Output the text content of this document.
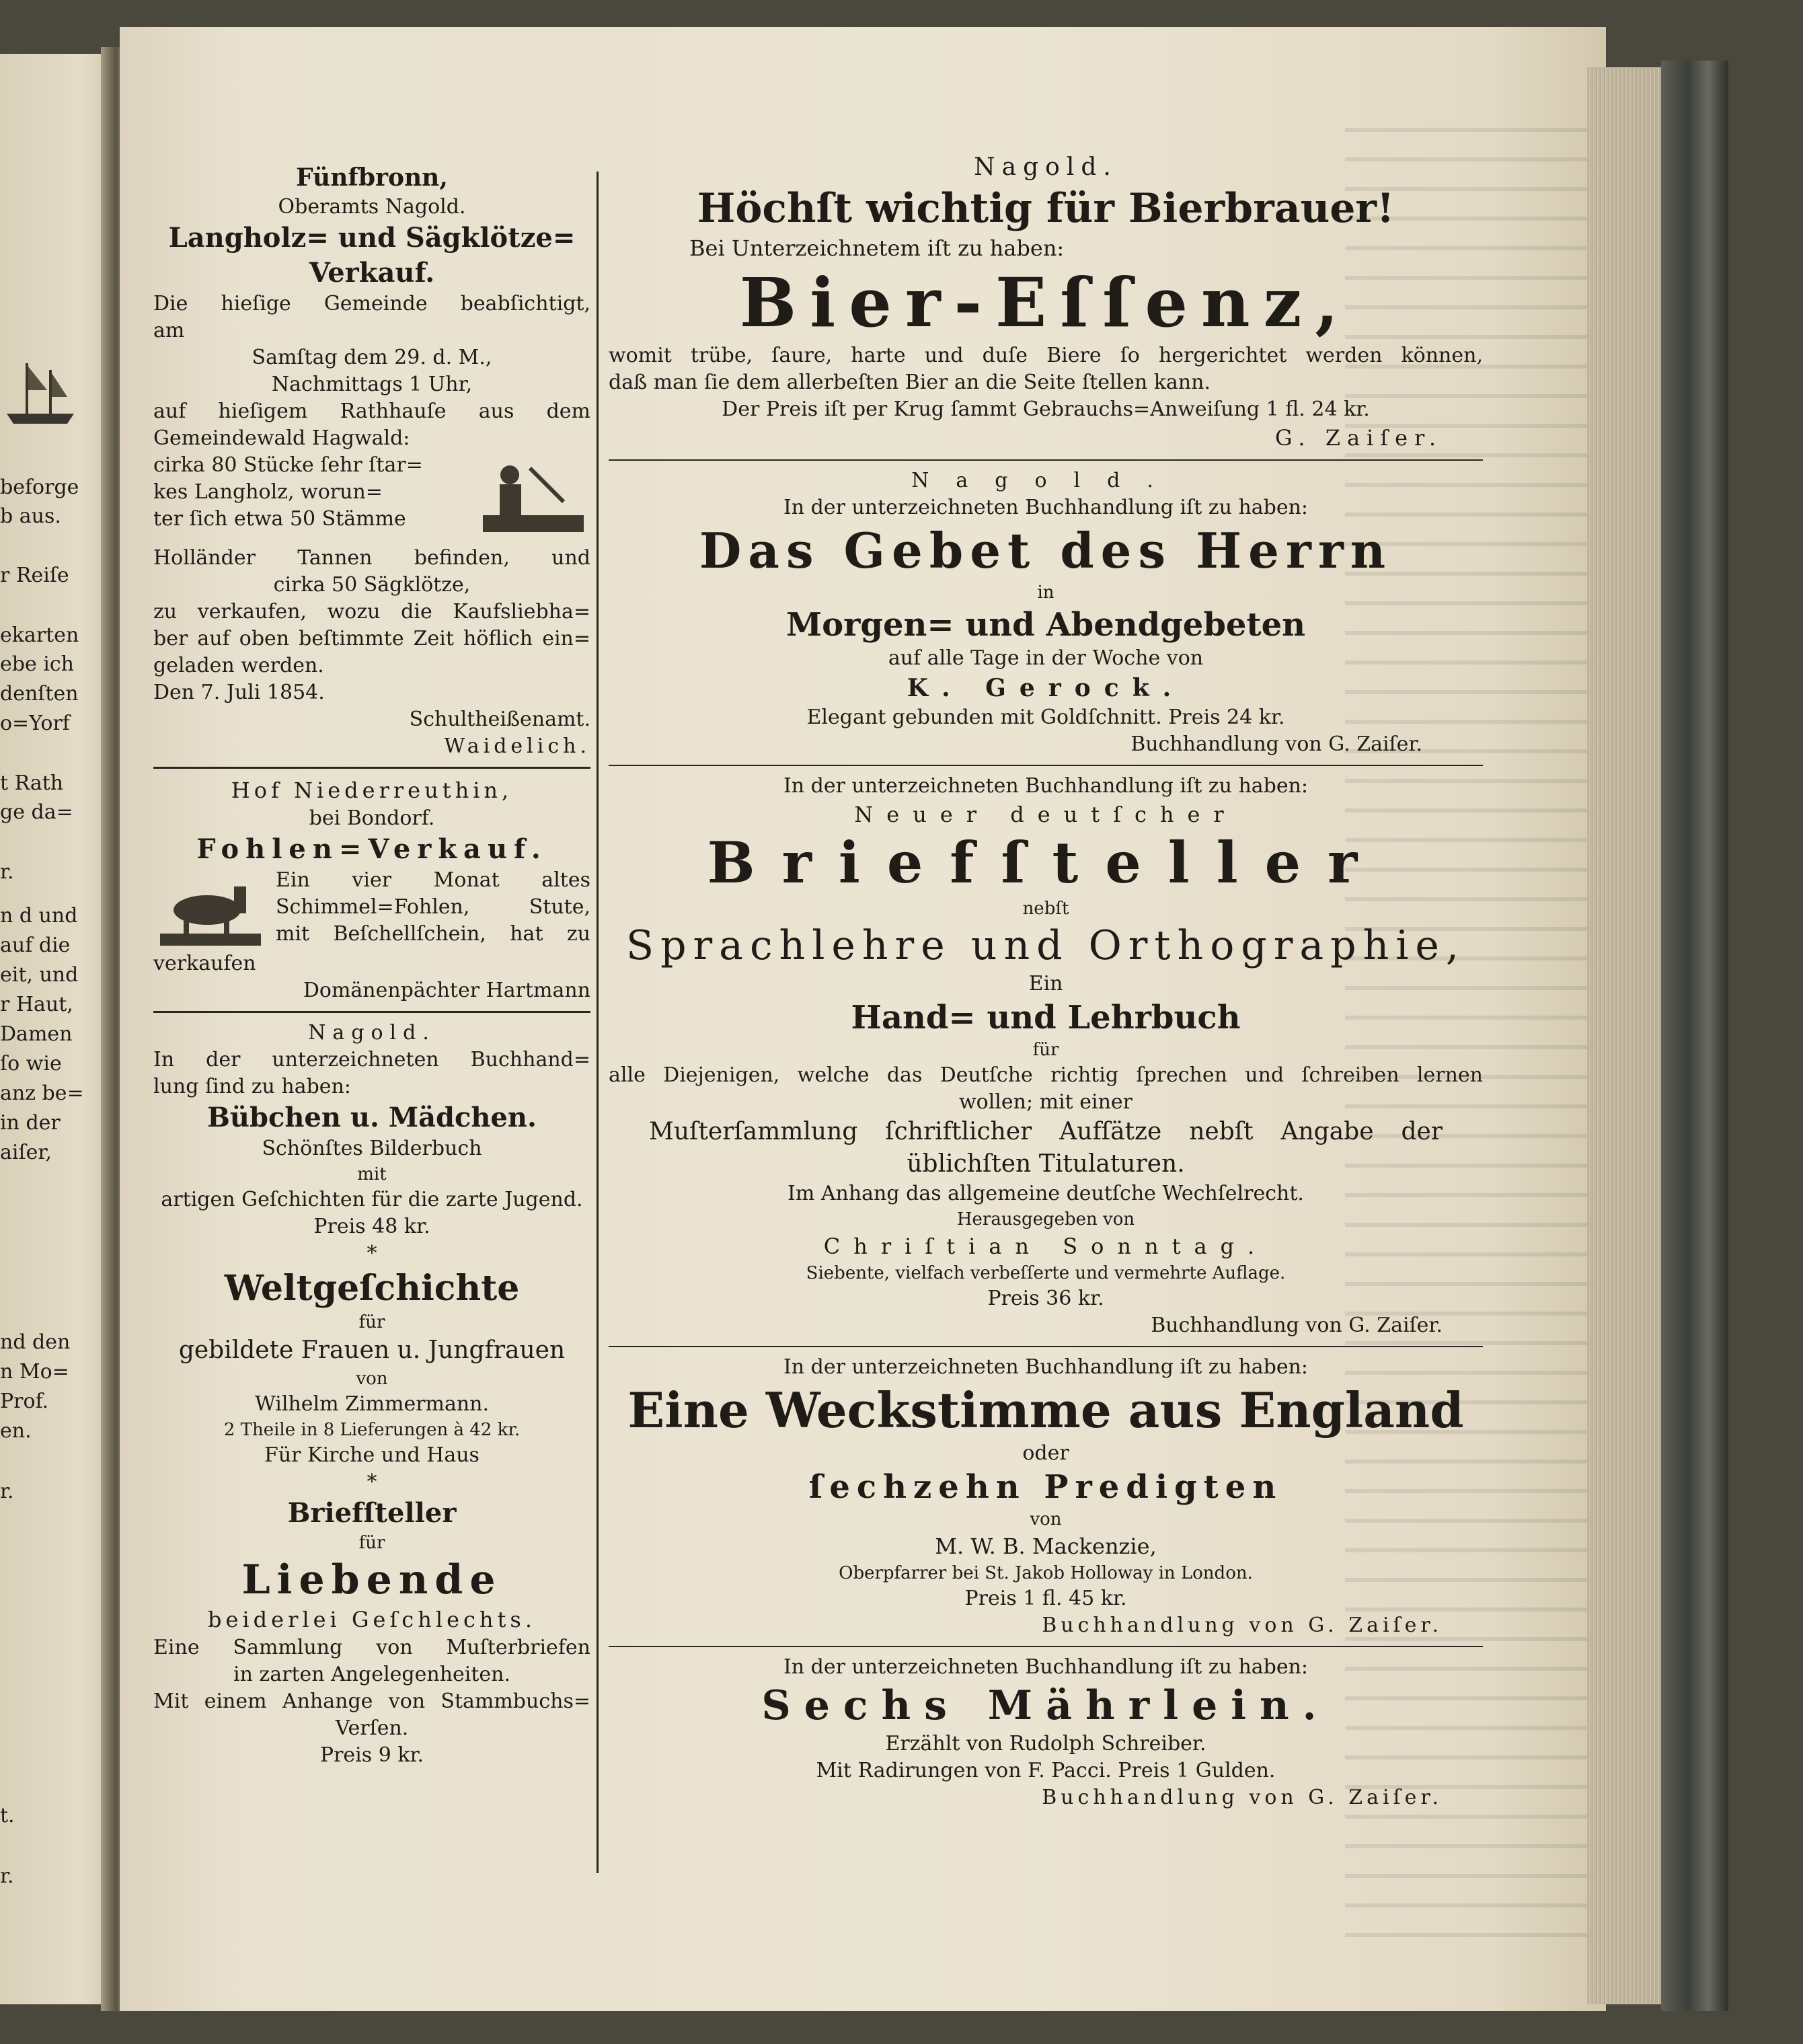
beforge
b aus.
r Reiſe
ekarten
ebe ich
denſten
o=Yorf
t Rath
ge da=
r.
n d und
auf die
eit, und
r Haut,
Damen
ſo wie
anz be=
in der
aiſer,
nd den
n Mo=
Prof.
en.
r.
t.
r.

Fünfbronn,

Oberamts Nagold.

Langholz= und Sägklötze=

Verkauf.

Die hieſige Gemeinde beabſichtigt,

am

Samſtag dem 29. d. M.,

Nachmittags 1 Uhr,

auf hieſigem Rathhauſe aus dem

Gemeindewald Hagwald:

cirka 80 Stücke ſehr ſtar=

kes Langholz, worun=

ter ſich etwa 50 Stämme

Holländer Tannen befinden, und

cirka 50 Sägklötze,

zu verkaufen, wozu die Kaufsliebha=

ber auf oben beſtimmte Zeit höflich ein=

geladen werden.

Den 7. Juli 1854.

Schultheißenamt.

Waidelich.

Hof Niederreuthin,

bei Bondorf.

Fohlen=Verkauf.

Ein vier Monat altes

Schimmel=Fohlen, Stute,

mit Beſchellſchein, hat zu

verkaufen

Domänenpächter Hartmann

Nagold.

In der unterzeichneten Buchhand=

lung ſind zu haben:

Bübchen u. Mädchen.

Schönſtes Bilderbuch

mit

artigen Geſchichten für die zarte Jugend.

Preis 48 kr.

*

Weltgeſchichte

für

gebildete Frauen u. Jungfrauen

von

Wilhelm Zimmermann.

2 Theile in 8 Lieferungen à 42 kr.

Für Kirche und Haus

*

Briefſteller

für

Liebende

beiderlei Geſchlechts.

Eine Sammlung von Muſterbriefen

in zarten Angelegenheiten.

Mit einem Anhange von Stammbuchs=

Verſen.

Preis 9 kr.

Nagold.

Höchſt wichtig für Bierbrauer!

Bei Unterzeichnetem iſt zu haben:

Bier-Eſſenz,

womit trübe, ſaure, harte und duſe Biere ſo hergerichtet werden können,

daß man ſie dem allerbeſten Bier an die Seite ſtellen kann.

Der Preis iſt per Krug ſammt Gebrauchs=Anweiſung 1 fl. 24 kr.

G. Zaiſer.

Nagold.

In der unterzeichneten Buchhandlung iſt zu haben:

Das Gebet des Herrn

in

Morgen= und Abendgebeten

auf alle Tage in der Woche von

K. Gerock.

Elegant gebunden mit Goldſchnitt. Preis 24 kr.

Buchhandlung von G. Zaiſer.

In der unterzeichneten Buchhandlung iſt zu haben:

Neuer deutſcher

Briefſteller

nebſt

Sprachlehre und Orthographie,

Ein

Hand= und Lehrbuch

für

alle Diejenigen, welche das Deutſche richtig ſprechen und ſchreiben lernen

wollen; mit einer

Muſterſammlung ſchriftlicher Aufſätze nebſt Angabe der

üblichſten Titulaturen.

Im Anhang das allgemeine deutſche Wechſelrecht.

Herausgegeben von

Chriſtian Sonntag.

Siebente, vielfach verbeſſerte und vermehrte Auflage.

Preis 36 kr.

Buchhandlung von G. Zaiſer.

In der unterzeichneten Buchhandlung iſt zu haben:

Eine Weckstimme aus England

oder

ſechzehn Predigten

von

M. W. B. Mackenzie,

Oberpfarrer bei St. Jakob Holloway in London.

Preis 1 fl. 45 kr.

Buchhandlung von G. Zaiſer.

In der unterzeichneten Buchhandlung iſt zu haben:

Sechs Mährlein.

Erzählt von Rudolph Schreiber.

Mit Radirungen von F. Pacci. Preis 1 Gulden.

Buchhandlung von G. Zaiſer.
